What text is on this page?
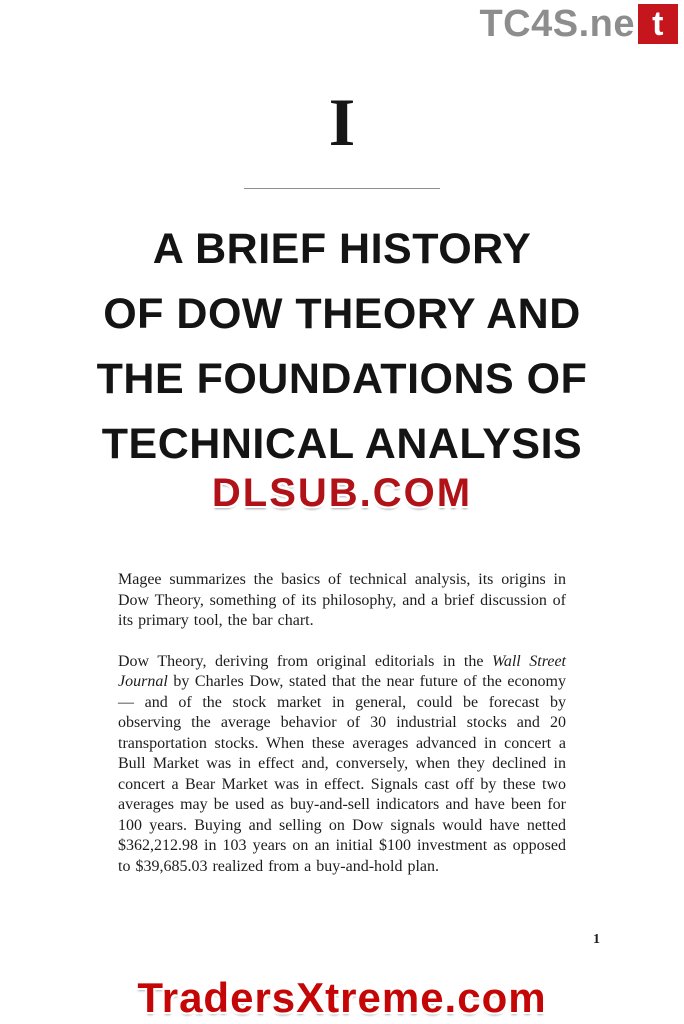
TC4S.ne t
I
A BRIEF HISTORY
OF DOW THEORY AND
THE FOUNDATIONS OF
TECHNICAL ANALYSIS
DLSUB.COM

Magee summarizes the basics of technical analysis, its origins in Dow Theory, something of its philosophy, and a brief discussion of its primary tool, the bar chart.

Dow Theory, deriving from original editorials in the Wall Street Journal by Charles Dow, stated that the near future of the economy — and of the stock market in general, could be forecast by observing the average behavior of 30 industrial stocks and 20 transportation stocks. When these averages advanced in concert a Bull Market was in effect and, conversely, when they declined in concert a Bear Market was in effect. Signals cast off by these two averages may be used as buy-and-sell indicators and have been for 100 years. Buying and selling on Dow signals would have netted $362,212.98 in 103 years on an initial $100 investment as opposed to $39,685.03 realized from a buy-and-hold plan.

1
TradersXtreme.com
